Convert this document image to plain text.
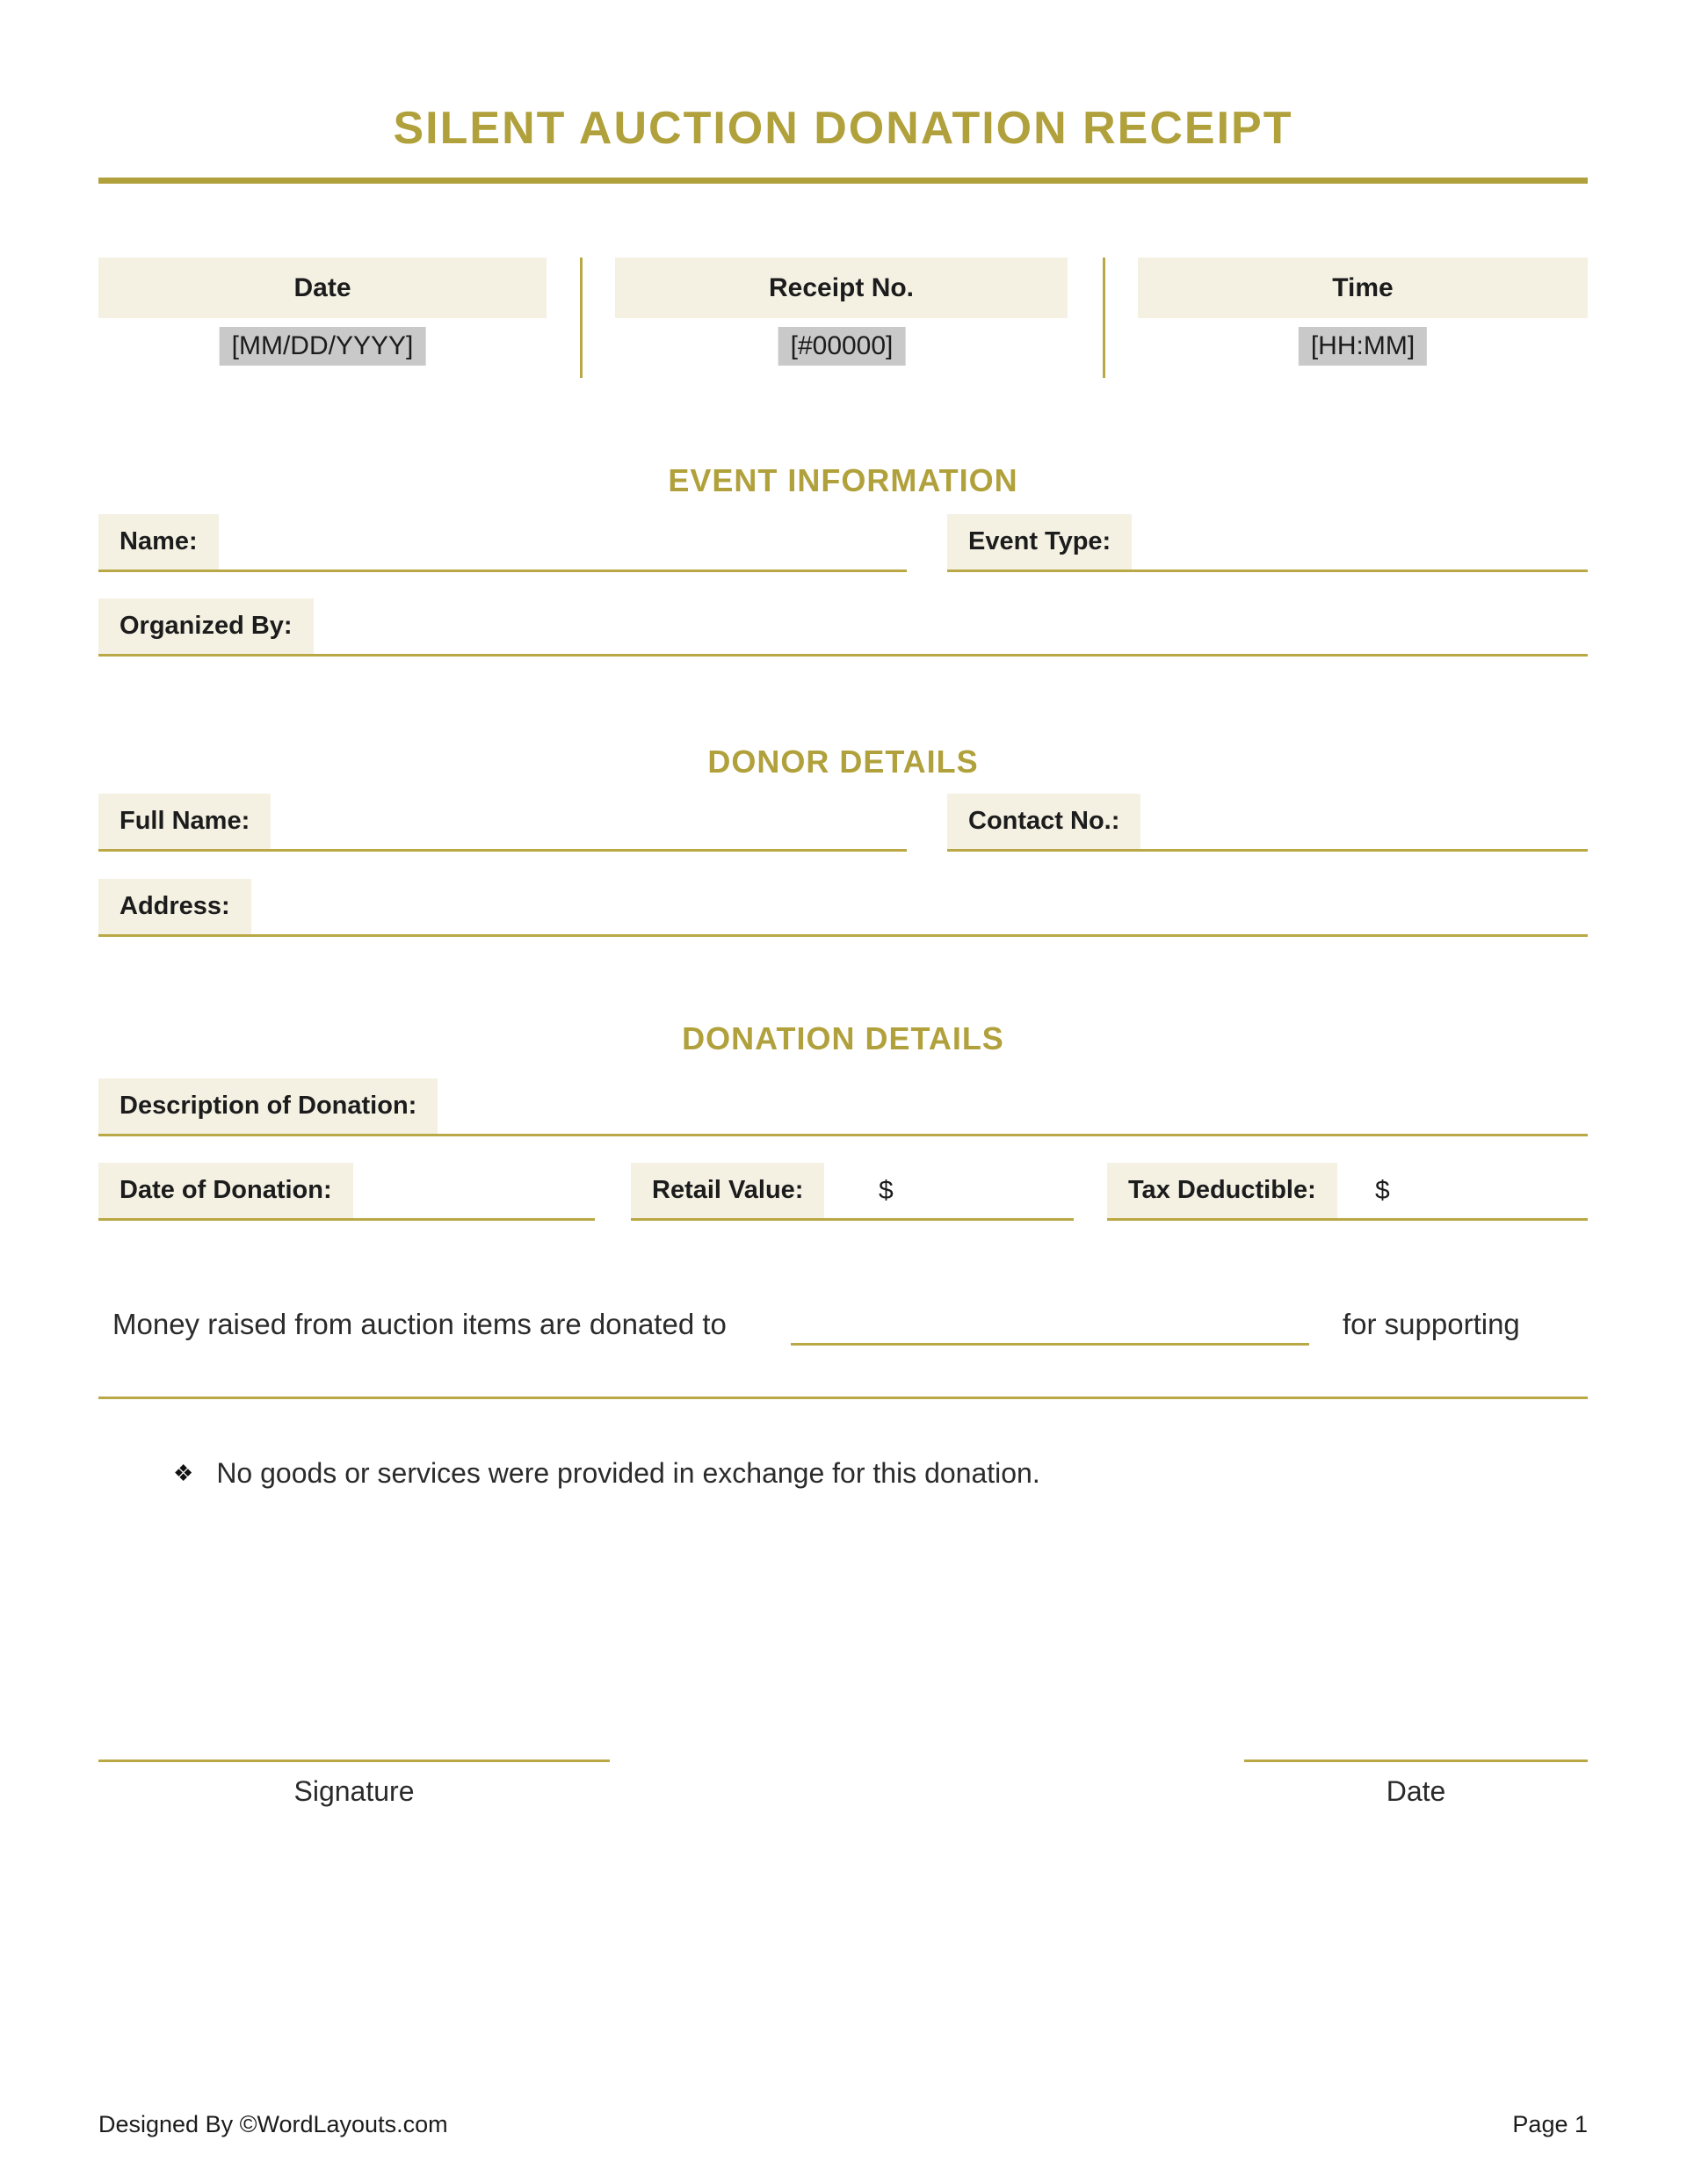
SILENT AUCTION DONATION RECEIPT
Date	Receipt No.	Time
[MM/DD/YYYY]	[#00000]	[HH:MM]
EVENT INFORMATION
Name:	Event Type:
Organized By:
DONOR DETAILS
Full Name:	Contact No.:
Address:
DONATION DETAILS
Description of Donation:
Date of Donation:	Retail Value:	$	Tax Deductible:	$
Money raised from auction items are donated to	for supporting
❖ No goods or services were provided in exchange for this donation.
Signature	Date
Designed By ©WordLayouts.com	Page 1
